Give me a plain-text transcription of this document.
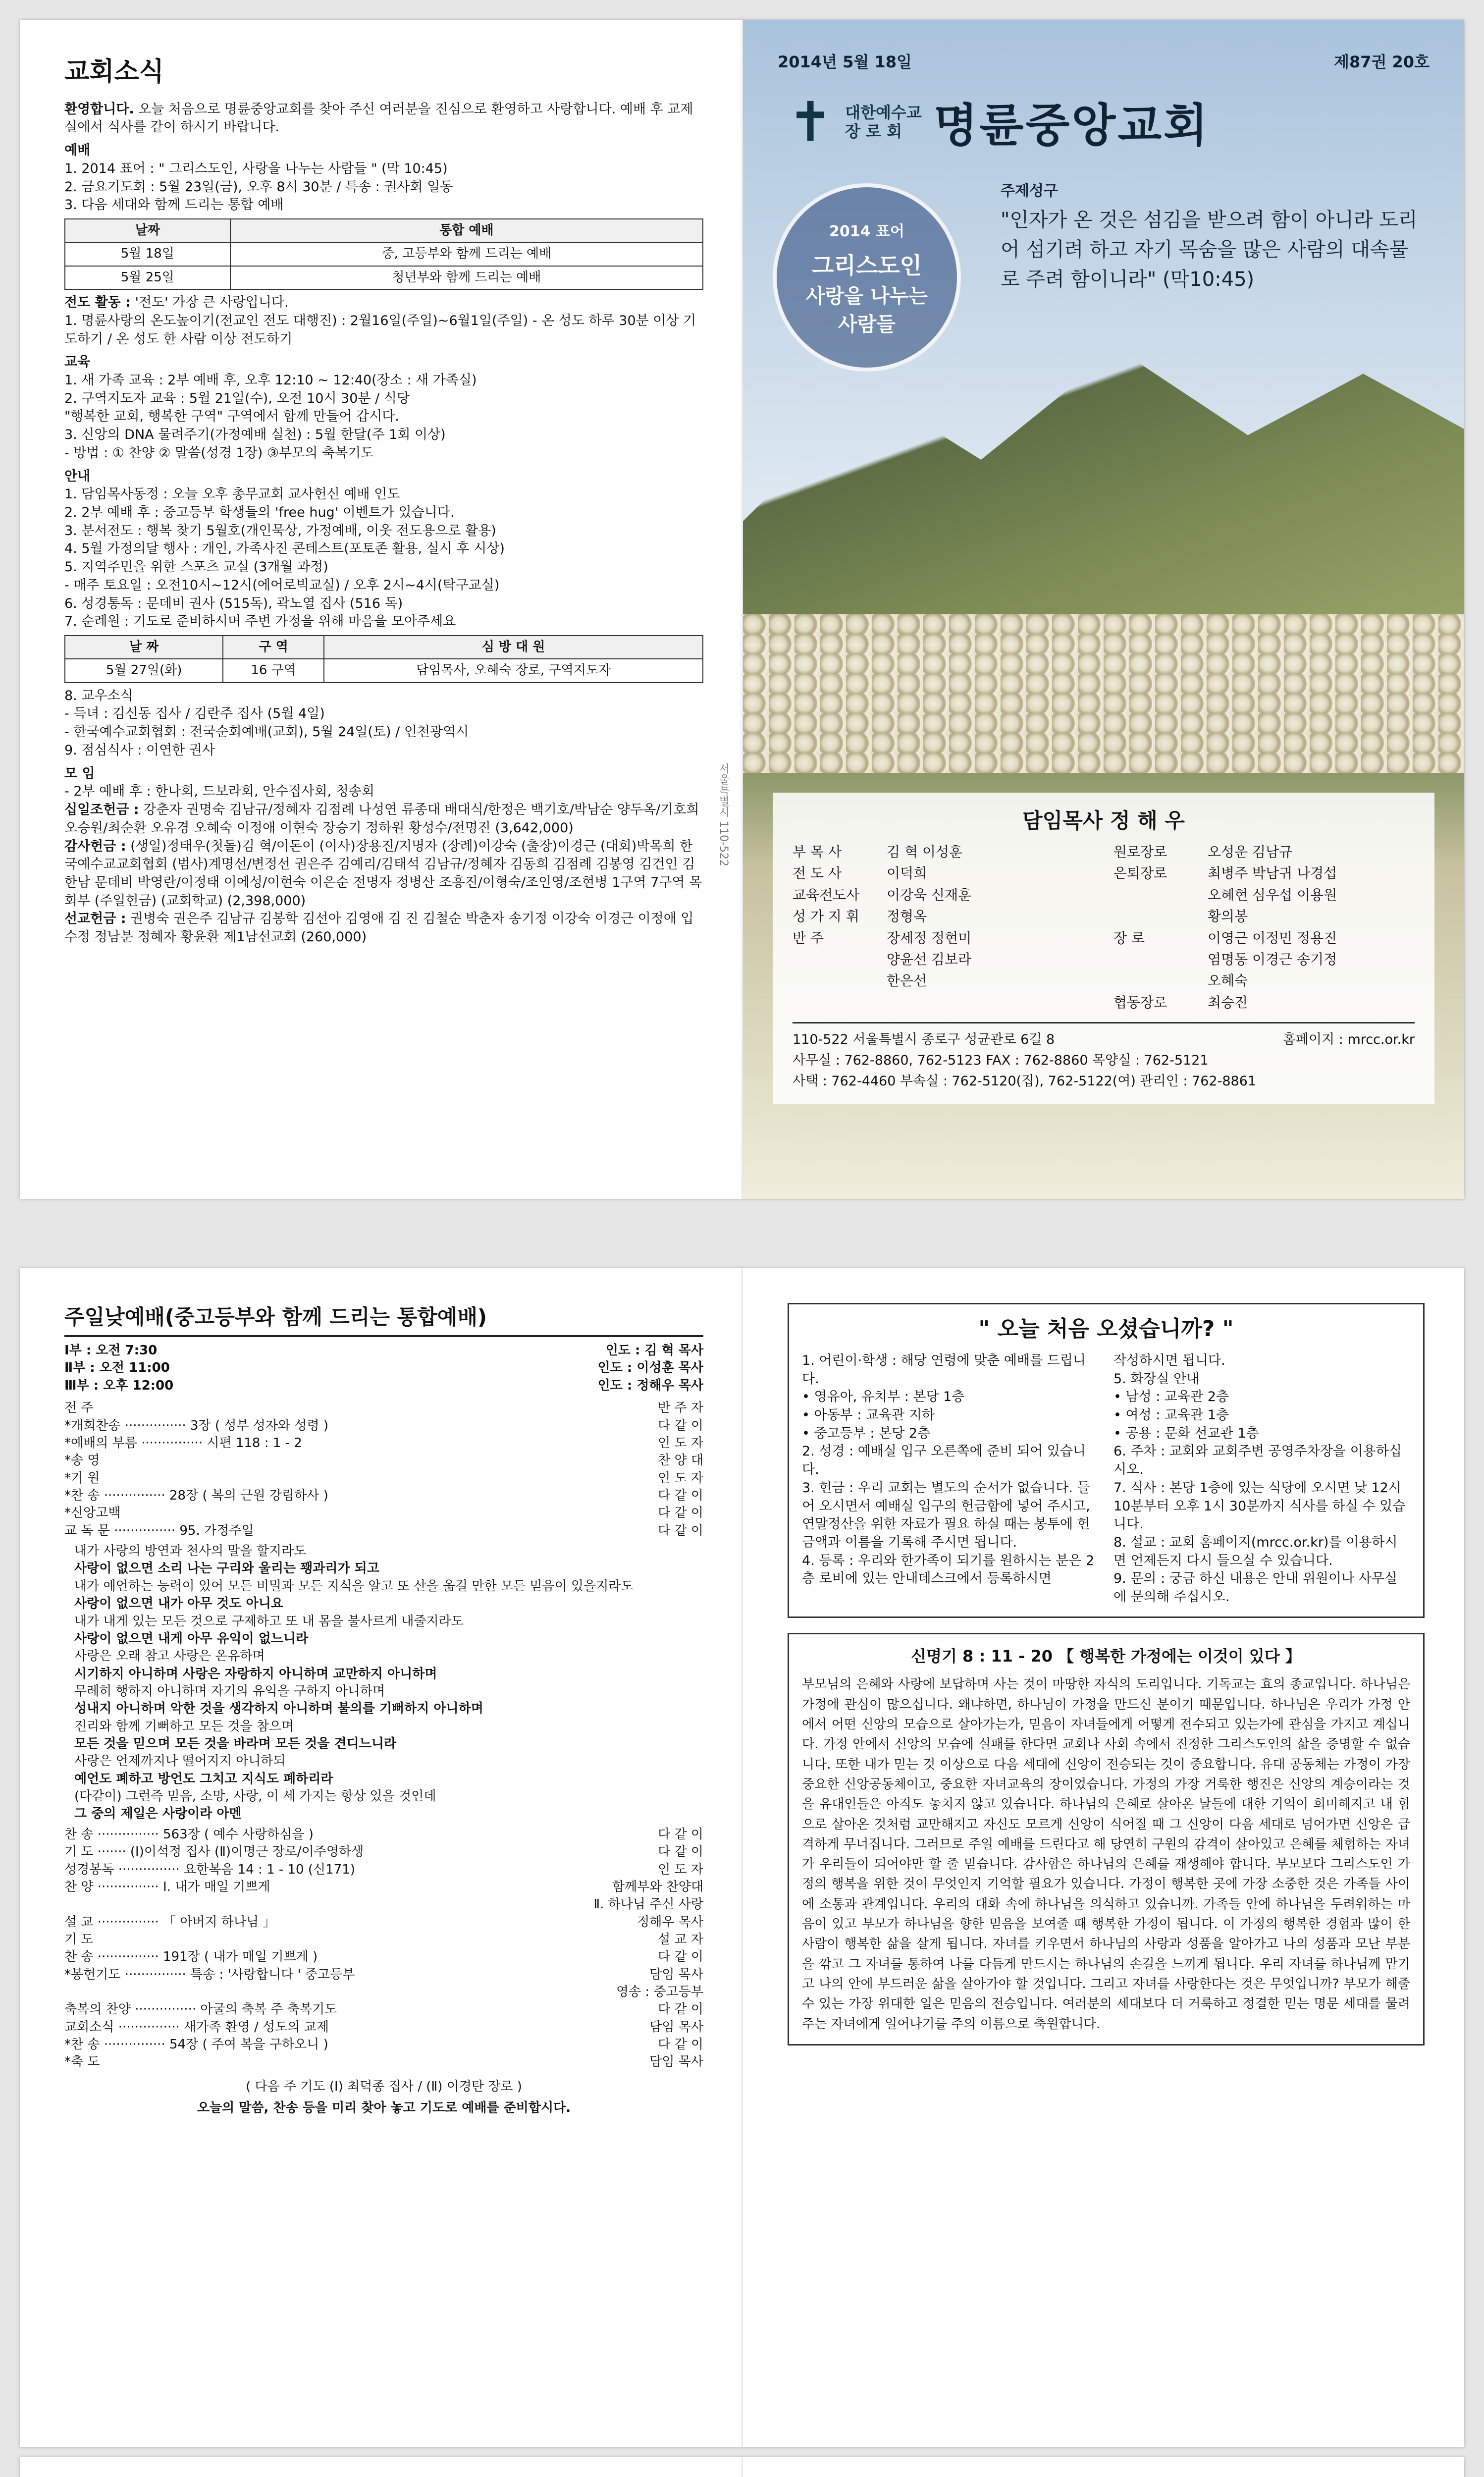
교회소식
환영합니다. 오늘 처음으로 명륜중앙교회를 찾아 주신 여러분을 진심으로 환영하고 사랑합니다. 예배 후 교제실에서 식사를 같이 하시기 바랍니다.
예배
1. 2014 표어 : " 그리스도인, 사랑을 나누는 사람들 " (막 10:45)
2. 금요기도회 : 5월 23일(금), 오후 8시 30분 / 특송 : 권사회 일동
3. 다음 세대와 함께 드리는 통합 예배
날짜	통합 예배
5월 18일	중, 고등부와 함께 드리는 예배
5월 25일	청년부와 함께 드리는 예배
전도 활동 : '전도' 가장 큰 사랑입니다.
1. 명륜사랑의 온도높이기(전교인 전도 대행진) : 2월16일(주일)~6월1일(주일) - 온 성도 하루 30분 이상 기도하기 / 온 성도 한 사람 이상 전도하기
교육
1. 새 가족 교육 : 2부 예배 후, 오후 12:10 ~ 12:40(장소 : 새 가족실)
2. 구역지도자 교육 : 5월 21일(수), 오전 10시 30분 / 식당
"행복한 교회, 행복한 구역" 구역에서 함께 만들어 갑시다.
3. 신앙의 DNA 물려주기(가정예배 실천) : 5월 한달(주 1회 이상)
- 방법 : ① 찬양 ② 말씀(성경 1장) ③부모의 축복기도
안내
1. 담임목사동정 : 오늘 오후 총무교회 교사헌신 예배 인도
2. 2부 예배 후 : 중고등부 학생들의 'free hug' 이벤트가 있습니다.
3. 분서전도 : 행복 찾기 5월호(개인묵상, 가정예배, 이웃 전도용으로 활용)
4. 5월 가정의달 행사 : 개인, 가족사진 콘테스트(포토존 활용, 실시 후 시상)
5. 지역주민을 위한 스포츠 교실 (3개월 과정)
- 매주 토요일 : 오전10시~12시(에어로빅교실) / 오후 2시~4시(탁구교실)
6. 성경통독 : 문데비 권사 (515독), 곽노열 집사 (516 독)
7. 순례원 : 기도로 준비하시며 주변 가정을 위해 마음을 모아주세요
날 짜	구 역	심 방 대 원
5월 27일(화)	16 구역	담임목사, 오혜숙 장로, 구역지도자
8. 교우소식
- 득녀 : 김신동 집사 / 김란주 집사 (5월 4일)
- 한국예수교회협회 : 전국순회예배(교회), 5월 24일(토) / 인천광역시
9. 점심식사 : 이연한 권사
모 임
- 2부 예배 후 : 한나회, 드보라회, 안수집사회, 청송회
십일조헌금 : 강춘자 권명숙 김남규/정혜자 김점례 나성연 류종대 배대식/한정은 백기호/박남순 양두옥/기호희 오승원/최순환 오유경 오혜숙 이정애 이현숙 장승기 정하원 황성수/전명진 (3,642,000)
감사헌금 : (생일)정태우(첫돌)김 혁/이돈이 (이사)장용진/지명자 (장례)이강숙 (출장)이경근 (대회)박목희 한국예수교교회협회 (범사)계명선/변정선 권은주 김예리/김태석 김남규/정혜자 김동희 김점례 김봉영 김건인 김한남 문데비 박영란/이정태 이에성/이현숙 이은순 전명자 정병산 조흥진/이형숙/조인영/조현병 1구역 7구역 목회부 (주일헌금) (교회학교) (2,398,000)
선교헌금 : 권병숙 권은주 김남규 김봉학 김선아 김영애 김 진 김철순 박춘자 송기정 이강숙 이경근 이정애 입수정 정남분 정혜자 황윤환 제1남선교회 (260,000)
서울특별시 110-522
2014년 5월 18일	제87권 20호
✝ 대한예수교
장 로 회 명륜중앙교회
2014 표어
그리스도인
사랑을 나누는
사람들
주제성구
"인자가 온 것은 섬김을 받으려 함이 아니라 도리어 섬기려 하고 자기 목숨을 많은 사람의 대속물로 주려 함이니라" (막10:45)
담임목사 정 해 우
부 목 사	김 혁 이성훈
전 도 사	이덕희
교육전도사	이강욱 신재훈
성 가 지 휘	정형옥
반 주	장세정 정현미
양윤선 김보라
한은선
원로장로	오성운 김남규
은퇴장로	최병주 박남귀 나경섭
오혜현 심우섭 이용원
황의봉
장 로	이영근 이정민 정용진
염명동 이경근 송기정
오혜숙
협동장로	최승진
110-522 서울특별시 종로구 성균관로 6길 8	홈페이지 : mrcc.or.kr
사무실 : 762-8860, 762-5123 FAX : 762-8860 목양실 : 762-5121
사택 : 762-4460 부속실 : 762-5120(집), 762-5122(여) 관리인 : 762-8861
주일낮예배(중고등부와 함께 드리는 통합예배)
Ⅰ부 : 오전 7:30	인도 : 김 혁 목사
Ⅱ부 : 오전 11:00	인도 : 이성훈 목사
Ⅲ부 : 오후 12:00	인도 : 정해우 목사
전 주	반 주 자
*개회찬송 ··············· 3장 ( 성부 성자와 성령 )	다 같 이
*예배의 부름 ··············· 시편 118 : 1 - 2	인 도 자
*송 영	찬 양 대
*기 원	인 도 자
*찬 송 ··············· 28장 ( 복의 근원 강림하사 )	다 같 이
*신앙고백	다 같 이
교 독 문 ··············· 95. 가정주일	다 같 이
내가 사랑의 방연과 천사의 말을 할지라도
사랑이 없으면 소리 나는 구리와 울리는 꽹과리가 되고
내가 예언하는 능력이 있어 모든 비밀과 모든 지식을 알고 또 산을 옮길 만한 모든 믿음이 있을지라도
사랑이 없으면 내가 아무 것도 아니요
내가 내게 있는 모든 것으로 구제하고 또 내 몸을 불사르게 내줄지라도
사랑이 없으면 내게 아무 유익이 없느니라
사랑은 오래 참고 사랑은 온유하며
시기하지 아니하며 사랑은 자랑하지 아니하며 교만하지 아니하며
무례히 행하지 아니하며 자기의 유익을 구하지 아니하며
성내지 아니하며 악한 것을 생각하지 아니하며 불의를 기뻐하지 아니하며
진리와 함께 기뻐하고 모든 것을 참으며
모든 것을 믿으며 모든 것을 바라며 모든 것을 견디느니라
사랑은 언제까지나 떨어지지 아니하되
예언도 폐하고 방언도 그치고 지식도 폐하리라
(다같이) 그런즉 믿음, 소망, 사랑, 이 세 가지는 항상 있을 것인데
그 중의 제일은 사랑이라 아멘
찬 송 ··············· 563장 ( 예수 사랑하심을 )	다 같 이
기 도 ······· (Ⅰ)이석정 집사 (Ⅱ)이명근 장로/이주영하생	다 같 이
성경봉독 ··············· 요한복음 14 : 1 - 10 (신171)	인 도 자
찬 양 ··············· Ⅰ. 내가 매일 기쁘게	함께부와 찬양대
Ⅱ. 하나님 주신 사랑
설 교 ··············· 「 아버지 하나님 」	정해우 목사
기 도	설 교 자
찬 송 ··············· 191장 ( 내가 매일 기쁘게 )	다 같 이
*봉헌기도 ··············· 특송 : '사랑합니다 ' 중고등부	담임 목사
영송 : 중고등부
축복의 찬양 ··············· 아굴의 축복 주 축복기도	다 같 이
교회소식 ··············· 새가족 환영 / 성도의 교제	담임 목사
*찬 송 ··············· 54장 ( 주여 복을 구하오니 )	다 같 이
*축 도	담임 목사
( 다음 주 기도 (Ⅰ) 최덕종 집사 / (Ⅱ) 이경탄 장로 )
오늘의 말씀, 찬송 등을 미리 찾아 놓고 기도로 예배를 준비합시다.
" 오늘 처음 오셨습니까? "
1. 어린이·학생 : 해당 연령에 맞춘 예배를 드립니다.
• 영유아, 유치부 : 본당 1층
• 아동부 : 교육관 지하
• 중고등부 : 본당 2층
2. 성경 : 예배실 입구 오른쪽에 준비 되어 있습니다.
3. 헌금 : 우리 교회는 별도의 순서가 없습니다. 들어 오시면서 예배실 입구의 헌금함에 넣어 주시고, 연말정산을 위한 자료가 필요 하실 때는 봉투에 헌금액과 이름을 기록해 주시면 됩니다.
4. 등록 : 우리와 한가족이 되기를 원하시는 분은 2층 로비에 있는 안내데스크에서 등록하시면
작성하시면 됩니다.
5. 화장실 안내
• 남성 : 교육관 2층
• 여성 : 교육관 1층
• 공용 : 문화 선교관 1층
6. 주차 : 교회와 교회주변 공영주차장을 이용하십시오.
7. 식사 : 본당 1층에 있는 식당에 오시면 낮 12시 10분부터 오후 1시 30분까지 식사를 하실 수 있습니다.
8. 설교 : 교회 홈페이지(mrcc.or.kr)를 이용하시면 언제든지 다시 들으실 수 있습니다.
9. 문의 : 궁금 하신 내용은 안내 위원이나 사무실에 문의해 주십시오.
신명기 8 : 11 - 20 【 행복한 가정에는 이것이 있다 】
부모님의 은혜와 사랑에 보답하며 사는 것이 마땅한 자식의 도리입니다. 기독교는 효의 종교입니다. 하나님은 가정에 관심이 많으십니다. 왜냐하면, 하나님이 가정을 만드신 분이기 때문입니다. 하나님은 우리가 가정 안에서 어떤 신앙의 모습으로 살아가는가, 믿음이 자녀들에게 어떻게 전수되고 있는가에 관심을 가지고 계십니다. 가정 안에서 신앙의 모습에 실패를 한다면 교회나 사회 속에서 진정한 그리스도인의 삶을 증명할 수 없습니다. 또한 내가 믿는 것 이상으로 다음 세대에 신앙이 전승되는 것이 중요합니다. 유대 공동체는 가정이 가장 중요한 신앙공동체이고, 중요한 자녀교육의 장이었습니다. 가정의 가장 거룩한 행진은 신앙의 계승이라는 것을 유대인들은 아직도 놓치지 않고 있습니다. 하나님의 은혜로 살아온 날들에 대한 기억이 희미해지고 내 힘으로 살아온 것처럼 교만해지고 자신도 모르게 신앙이 식어질 때 그 신앙이 다음 세대로 넘어가면 신앙은 급격하게 무너집니다. 그러므로 주일 예배를 드린다고 해 당연히 구원의 감격이 살아있고 은혜를 체험하는 자녀가 우리들이 되어야만 할 줄 믿습니다. 감사함은 하나님의 은혜를 재생해야 합니다. 부모보다 그리스도인 가정의 행복을 위한 것이 무엇인지 기억할 필요가 있습니다. 가정이 행복한 곳에 가장 소중한 것은 가족들 사이에 소통과 관계입니다. 우리의 대화 속에 하나님을 의식하고 있습니까. 가족들 안에 하나님을 두려워하는 마음이 있고 부모가 하나님을 향한 믿음을 보여줄 때 행복한 가정이 됩니다. 이 가정의 행복한 경험과 많이 한 사람이 행복한 삶을 살게 됩니다. 자녀를 키우면서 하나님의 사랑과 성품을 알아가고 나의 성품과 모난 부분을 깎고 그 자녀를 통하여 나를 다듬게 만드시는 하나님의 손길을 느끼게 됩니다. 우리 자녀를 하나님께 맡기고 나의 안에 부드러운 삶을 살아가야 할 것입니다. 그리고 자녀를 사랑한다는 것은 무엇입니까? 부모가 해줄 수 있는 가장 위대한 일은 믿음의 전승입니다. 여러분의 세대보다 더 거룩하고 정결한 믿는 명문 세대를 물려주는 자녀에게 일어나기를 주의 이름으로 축원합니다.
